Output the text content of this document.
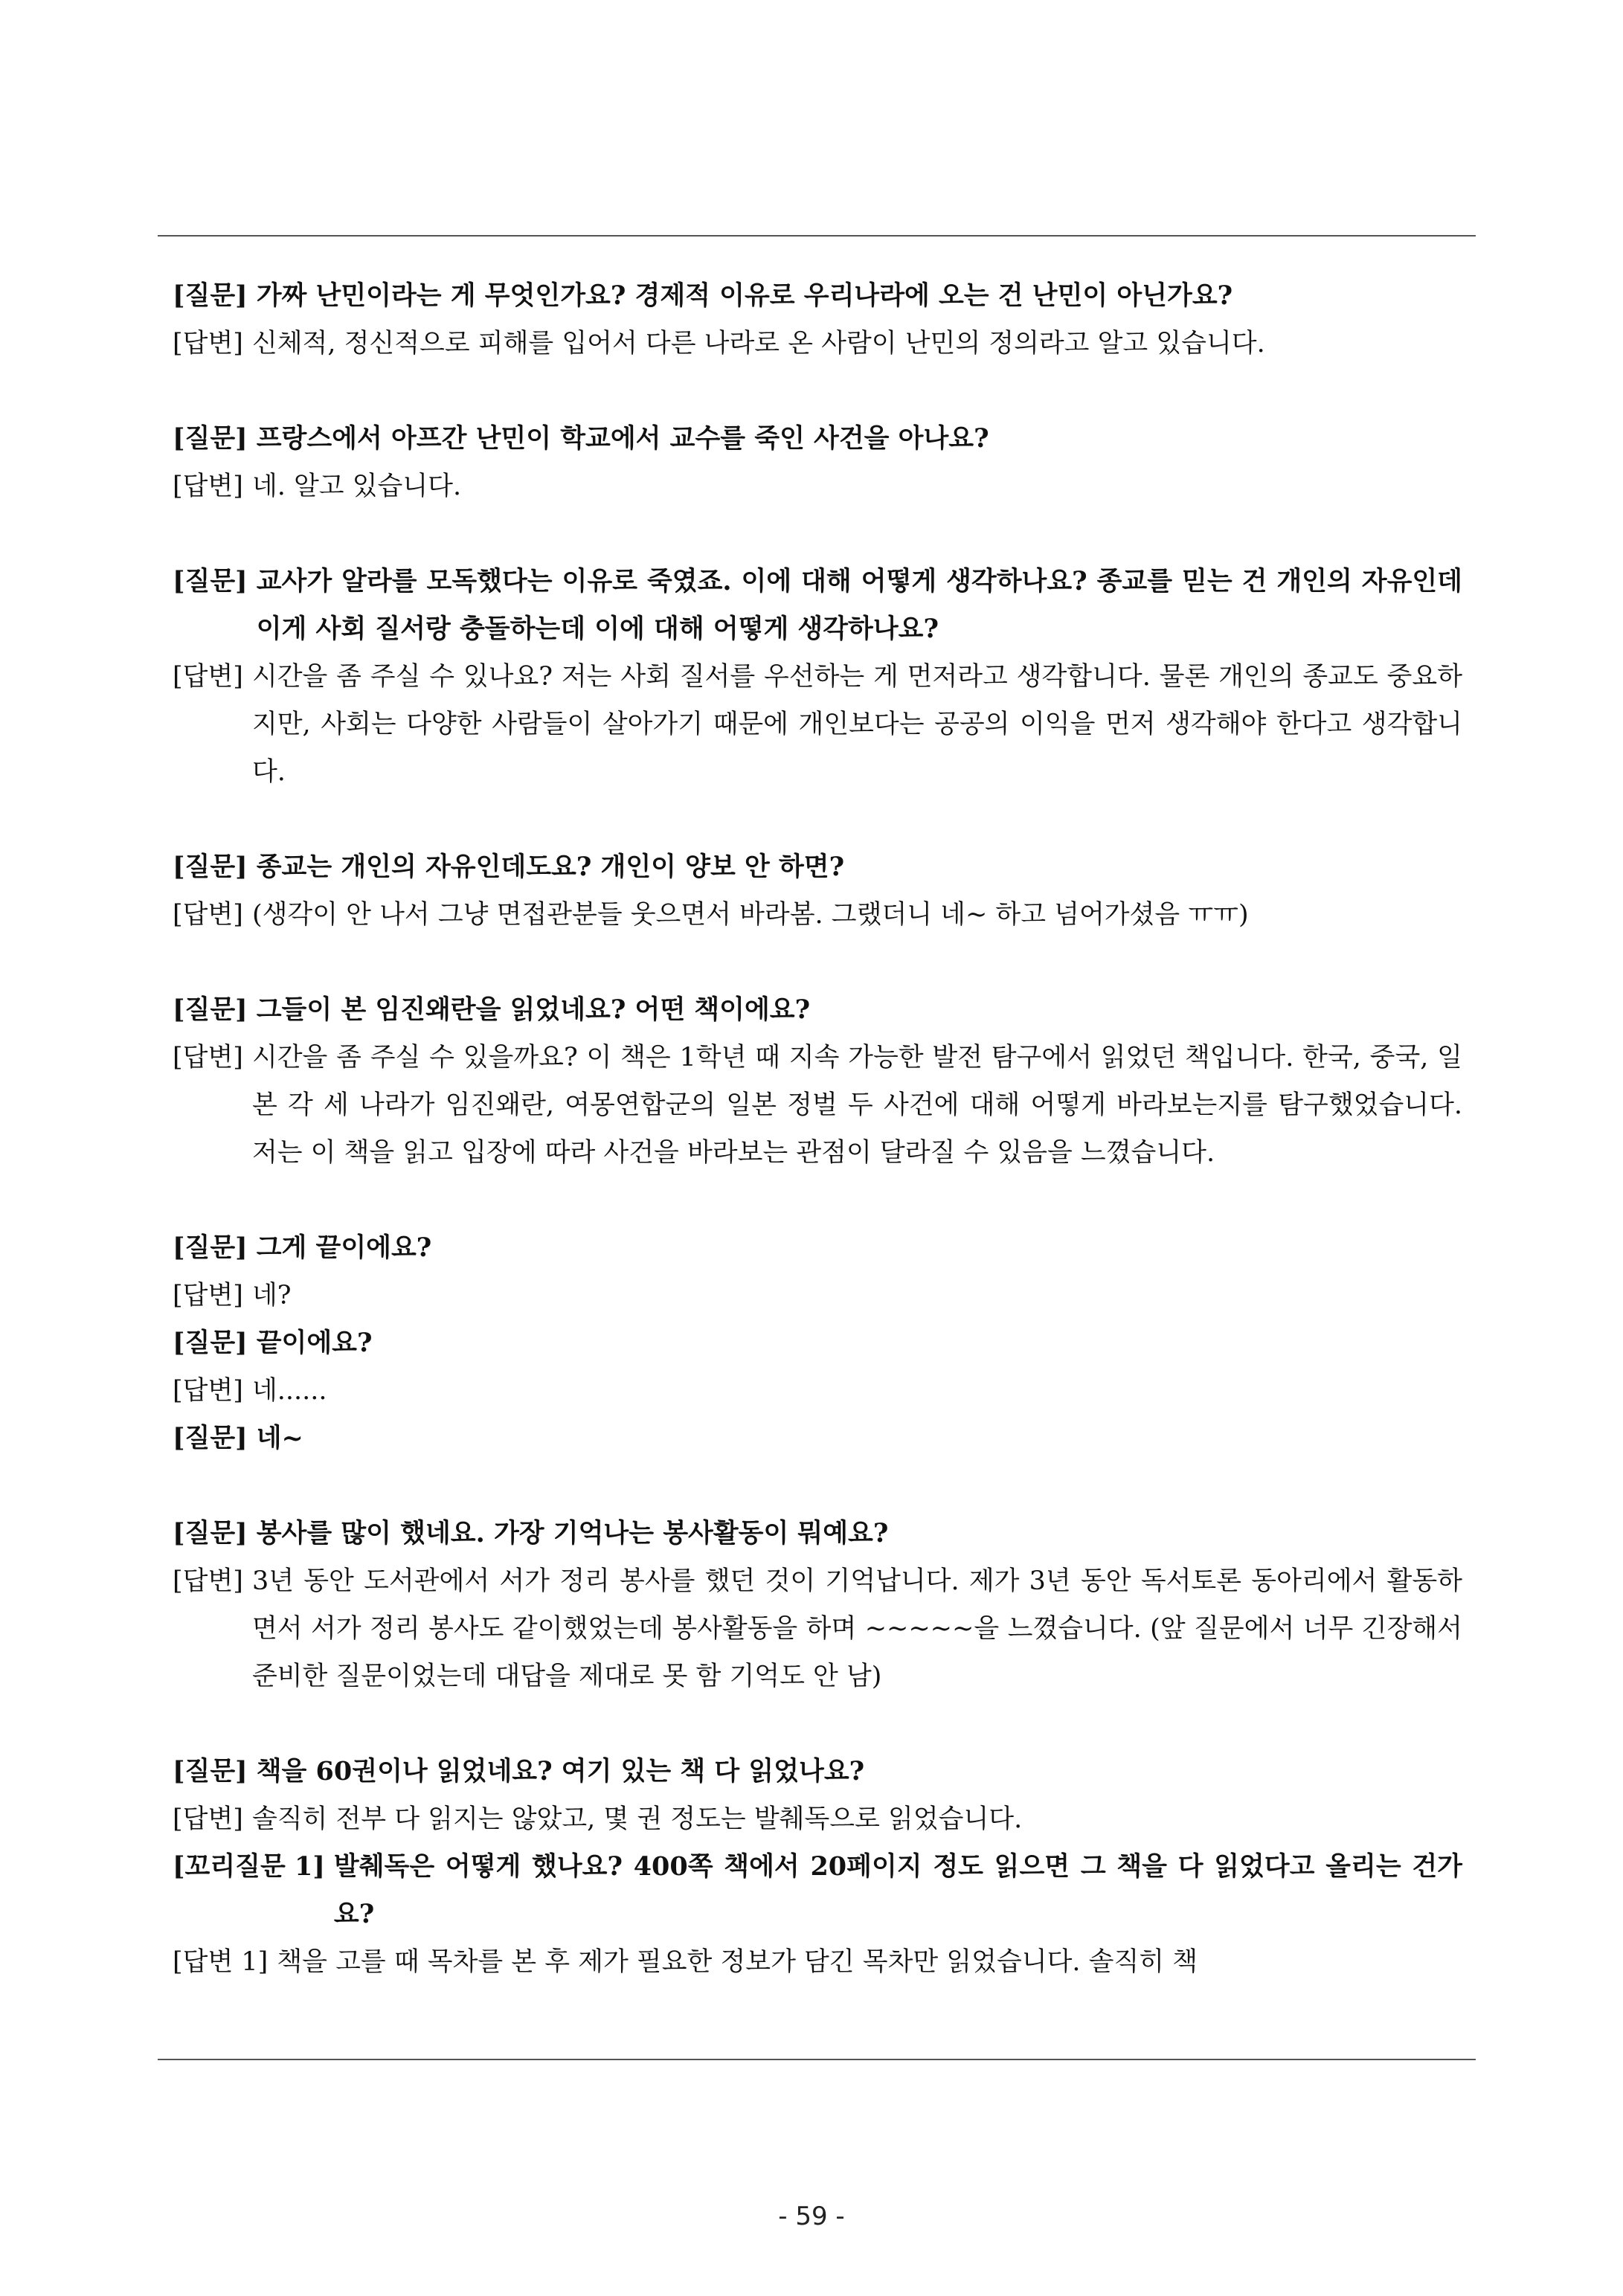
[질문] 가짜 난민이라는 게 무엇인가요? 경제적 이유로 우리나라에 오는 건 난민이 아닌가요?
[답변] 신체적, 정신적으로 피해를 입어서 다른 나라로 온 사람이 난민의 정의라고 알고 있습니다.
[질문] 프랑스에서 아프간 난민이 학교에서 교수를 죽인 사건을 아나요?
[답변] 네. 알고 있습니다.
[질문] 교사가 알라를 모독했다는 이유로 죽였죠. 이에 대해 어떻게 생각하나요? 종교를 믿는 건 개인의 자유인데 이게 사회 질서랑 충돌하는데 이에 대해 어떻게 생각하나요?
[답변] 시간을 좀 주실 수 있나요? 저는 사회 질서를 우선하는 게 먼저라고 생각합니다. 물론 개인의 종교도 중요하지만, 사회는 다양한 사람들이 살아가기 때문에 개인보다는 공공의 이익을 먼저 생각해야 한다고 생각합니다.
[질문] 종교는 개인의 자유인데도요? 개인이 양보 안 하면?
[답변] (생각이 안 나서 그냥 면접관분들 웃으면서 바라봄. 그랬더니 네~ 하고 넘어가셨음 ㅠㅠ)
[질문] 그들이 본 임진왜란을 읽었네요? 어떤 책이에요?
[답변] 시간을 좀 주실 수 있을까요? 이 책은 1학년 때 지속 가능한 발전 탐구에서 읽었던 책입니다. 한국, 중국, 일본 각 세 나라가 임진왜란, 여몽연합군의 일본 정벌 두 사건에 대해 어떻게 바라보는지를 탐구했었습니다. 저는 이 책을 읽고 입장에 따라 사건을 바라보는 관점이 달라질 수 있음을 느꼈습니다.
[질문] 그게 끝이에요?
[답변] 네?
[질문] 끝이에요?
[답변] 네......
[질문] 네~
[질문] 봉사를 많이 했네요. 가장 기억나는 봉사활동이 뭐예요?
[답변] 3년 동안 도서관에서 서가 정리 봉사를 했던 것이 기억납니다. 제가 3년 동안 독서토론 동아리에서 활동하면서 서가 정리 봉사도 같이했었는데 봉사활동을 하며 ~~~~~을 느꼈습니다. (앞 질문에서 너무 긴장해서 준비한 질문이었는데 대답을 제대로 못 함 기억도 안 남)
[질문] 책을 60권이나 읽었네요? 여기 있는 책 다 읽었나요?
[답변] 솔직히 전부 다 읽지는 않았고, 몇 권 정도는 발췌독으로 읽었습니다.
[꼬리질문 1] 발췌독은 어떻게 했나요? 400쪽 책에서 20페이지 정도 읽으면 그 책을 다 읽었다고 올리는 건가요?
[답변 1] 책을 고를 때 목차를 본 후 제가 필요한 정보가 담긴 목차만 읽었습니다. 솔직히 책
- 59 -
